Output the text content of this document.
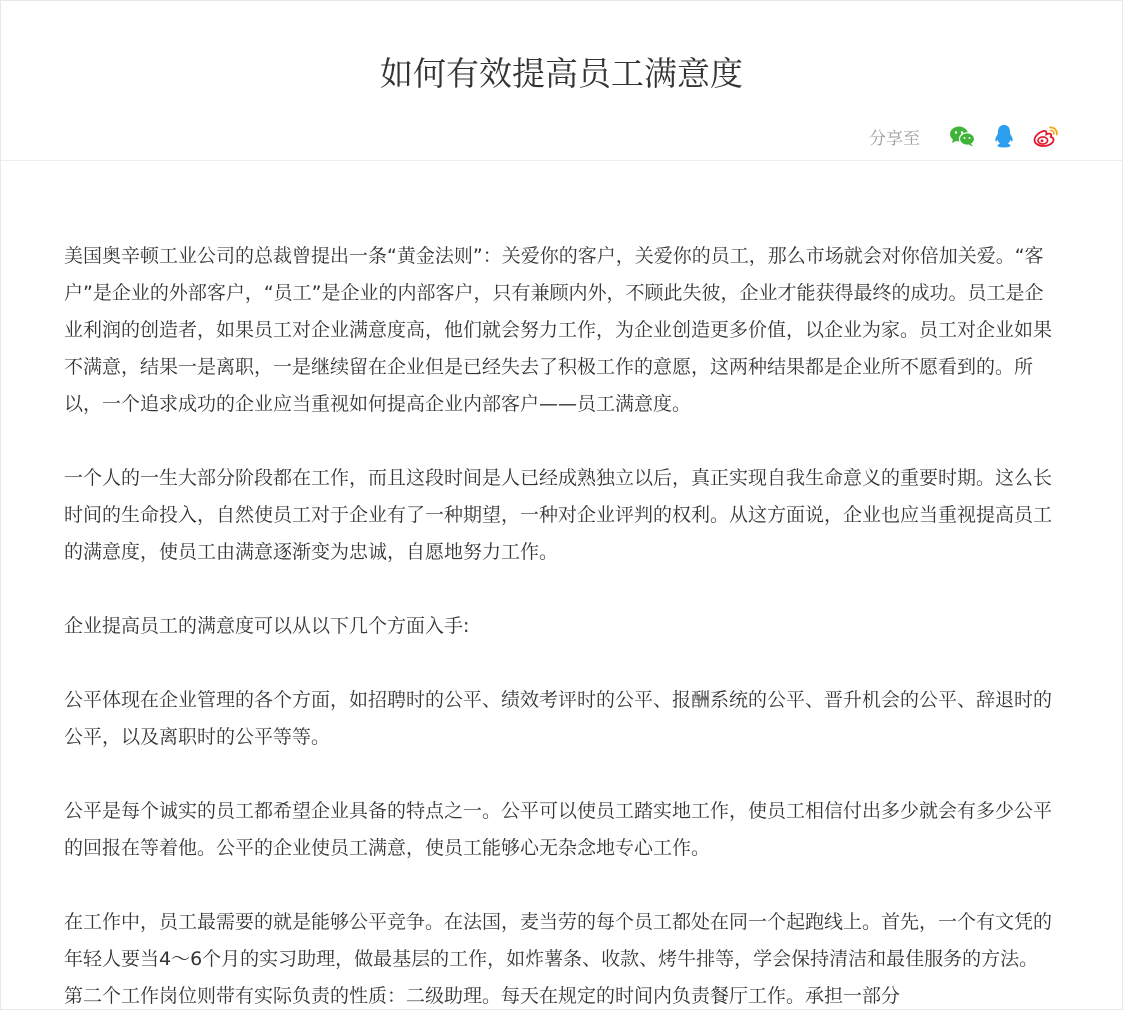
如何有效提高员工满意度
分享至

美国奥辛顿工业公司的总裁曾提出一条“黄金法则”：关爱你的客户，关爱你的员工，那么市场就会对你倍加关爱。“客户”是企业的外部客户，“员工”是企业的内部客户，只有兼顾内外，不顾此失彼，企业才能获得最终的成功。员工是企业利润的创造者，如果员工对企业满意度高，他们就会努力工作，为企业创造更多价值，以企业为家。员工对企业如果不满意，结果一是离职，一是继续留在企业但是已经失去了积极工作的意愿，这两种结果都是企业所不愿看到的。所以，一个追求成功的企业应当重视如何提高企业内部客户——员工满意度。

一个人的一生大部分阶段都在工作，而且这段时间是人已经成熟独立以后，真正实现自我生命意义的重要时期。这么长时间的生命投入，自然使员工对于企业有了一种期望，一种对企业评判的权利。从这方面说，企业也应当重视提高员工的满意度，使员工由满意逐渐变为忠诚，自愿地努力工作。

企业提高员工的满意度可以从以下几个方面入手:

公平体现在企业管理的各个方面，如招聘时的公平、绩效考评时的公平、报酬系统的公平、晋升机会的公平、辞退时的公平，以及离职时的公平等等。

公平是每个诚实的员工都希望企业具备的特点之一。公平可以使员工踏实地工作，使员工相信付出多少就会有多少公平的回报在等着他。公平的企业使员工满意，使员工能够心无杂念地专心工作。

在工作中，员工最需要的就是能够公平竞争。在法国，麦当劳的每个员工都处在同一个起跑线上。首先，一个有文凭的年轻人要当4～6个月的实习助理，做最基层的工作，如炸薯条、收款、烤牛排等，学会保持清洁和最佳服务的方法。第二个工作岗位则带有实际负责的性质：二级助理。每天在规定的时间内负责餐厅工作。承担一部分
